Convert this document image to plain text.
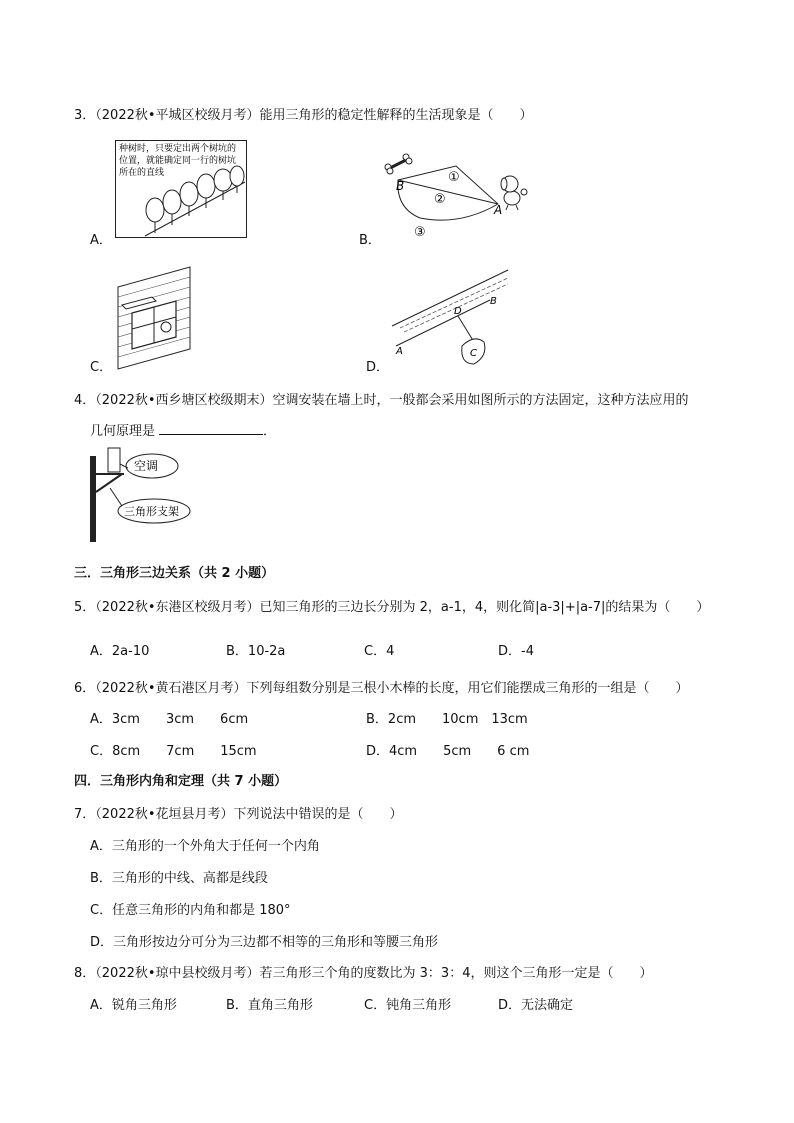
3．（2022秋•平城区校级月考）能用三角形的稳定性解释的生活现象是（　　）
A．
种树时，只要定出两个树坑的
位置，就能确定同一行的树坑
所在的直线
B．
B
A
①
②
③
C．	D．
B
A
D
C
4．（2022秋•西乡塘区校级期末）空调安装在墙上时，一般都会采用如图所示的方法固定，这种方法应用的
几何原理是	．
空调
三角形支架
三．三角形三边关系（共 2 小题）
5．（2022秋•东港区校级月考）已知三角形的三边长分别为 2，a-1，4，则化简|a-3|+|a-7|的结果为（　　）
A．2a-10	B．10-2a	C．4	D．-4
6．（2022秋•黄石港区月考）下列每组数分别是三根小木棒的长度，用它们能摆成三角形的一组是（　　）
A．3cm　　3cm　　6cm	B．2cm　　10cm　13cm
C．8cm　　7cm　　15cm	D．4cm　　5cm　　6 cm
四．三角形内角和定理（共 7 小题）
7．（2022秋•花垣县月考）下列说法中错误的是（　　）
A．三角形的一个外角大于任何一个内角
B．三角形的中线、高都是线段
C．任意三角形的内角和都是 180°
D．三角形按边分可分为三边都不相等的三角形和等腰三角形
8．（2022秋•琼中县校级月考）若三角形三个角的度数比为 3：3：4，则这个三角形一定是（　　）
A．锐角三角形	B．直角三角形	C．钝角三角形	D．无法确定
